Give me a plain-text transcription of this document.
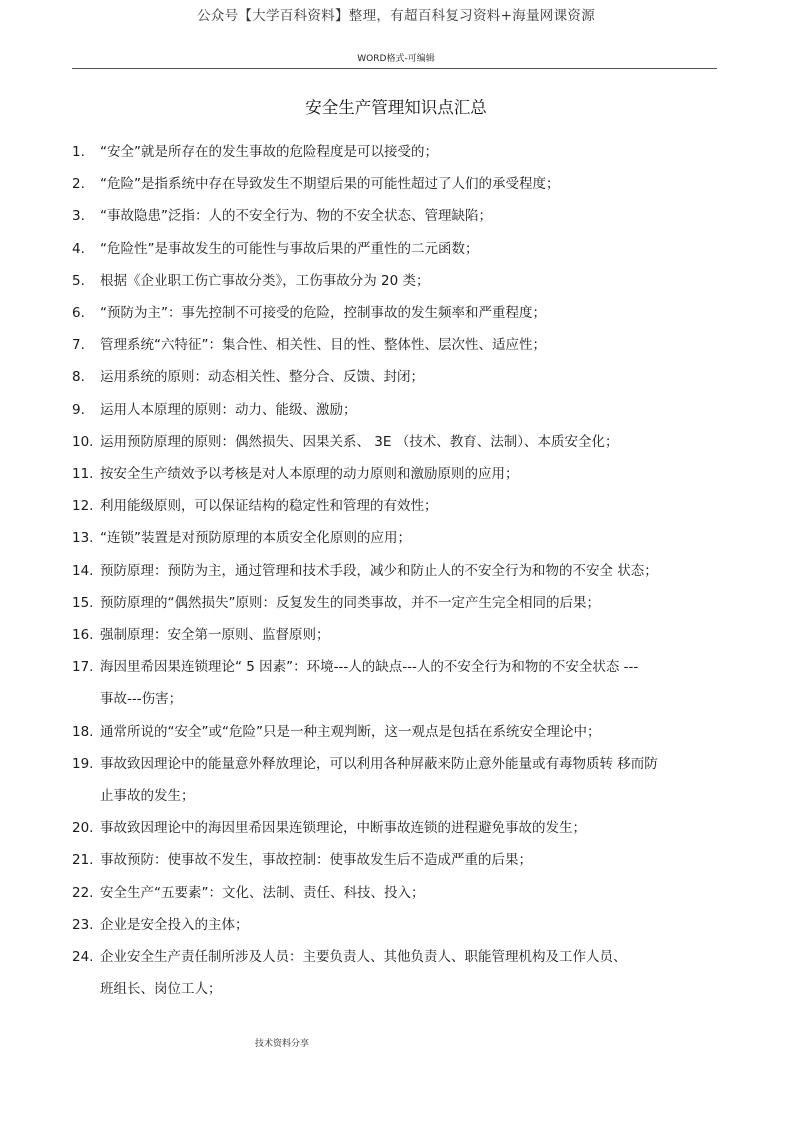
公众号【大学百科资料】整理，有超百科复习资料+海量网课资源
WORD格式-可编辑
安全生产管理知识点汇总
1. “安全”就是所存在的发生事故的危险程度是可以接受的；
2. “危险”是指系统中存在导致发生不期望后果的可能性超过了人们的承受程度；
3. “事故隐患”泛指：人的不安全行为、物的不安全状态、管理缺陷；
4. “危险性”是事故发生的可能性与事故后果的严重性的二元函数；
5. 根据《企业职工伤亡事故分类》，工伤事故分为 20 类；
6. “预防为主”：事先控制不可接受的危险，控制事故的发生频率和严重程度；
7. 管理系统“六特征”：集合性、相关性、目的性、整体性、层次性、适应性；
8. 运用系统的原则：动态相关性、整分合、反馈、封闭；
9. 运用人本原理的原则：动力、能级、激励；
10. 运用预防原理的原则：偶然损失、因果关系、 3E （技术、教育、法制）、本质安全化；
11. 按安全生产绩效予以考核是对人本原理的动力原则和激励原则的应用；
12. 利用能级原则，可以保证结构的稳定性和管理的有效性；
13. “连锁”装置是对预防原理的本质安全化原则的应用；
14. 预防原理：预防为主，通过管理和技术手段，减少和防止人的不安全行为和物的不安全 状态；
15. 预防原理的“偶然损失”原则：反复发生的同类事故，并不一定产生完全相同的后果；
16. 强制原理：安全第一原则、监督原则；
17. 海因里希因果连锁理论“ 5 因素”：环境---人的缺点---人的不安全行为和物的不安全状态 ---
事故---伤害；
18. 通常所说的“安全”或“危险”只是一种主观判断，这一观点是包括在系统安全理论中；
19. 事故致因理论中的能量意外释放理论，可以利用各种屏蔽来防止意外能量或有毒物质转 移而防
止事故的发生；
20. 事故致因理论中的海因里希因果连锁理论，中断事故连锁的进程避免事故的发生；
21. 事故预防：使事故不发生，事故控制：使事故发生后不造成严重的后果；
22. 安全生产“五要素”：文化、法制、责任、科技、投入；
23. 企业是安全投入的主体；
24. 企业安全生产责任制所涉及人员：主要负责人、其他负责人、职能管理机构及工作人员、
班组长、岗位工人；
技术资料分享
